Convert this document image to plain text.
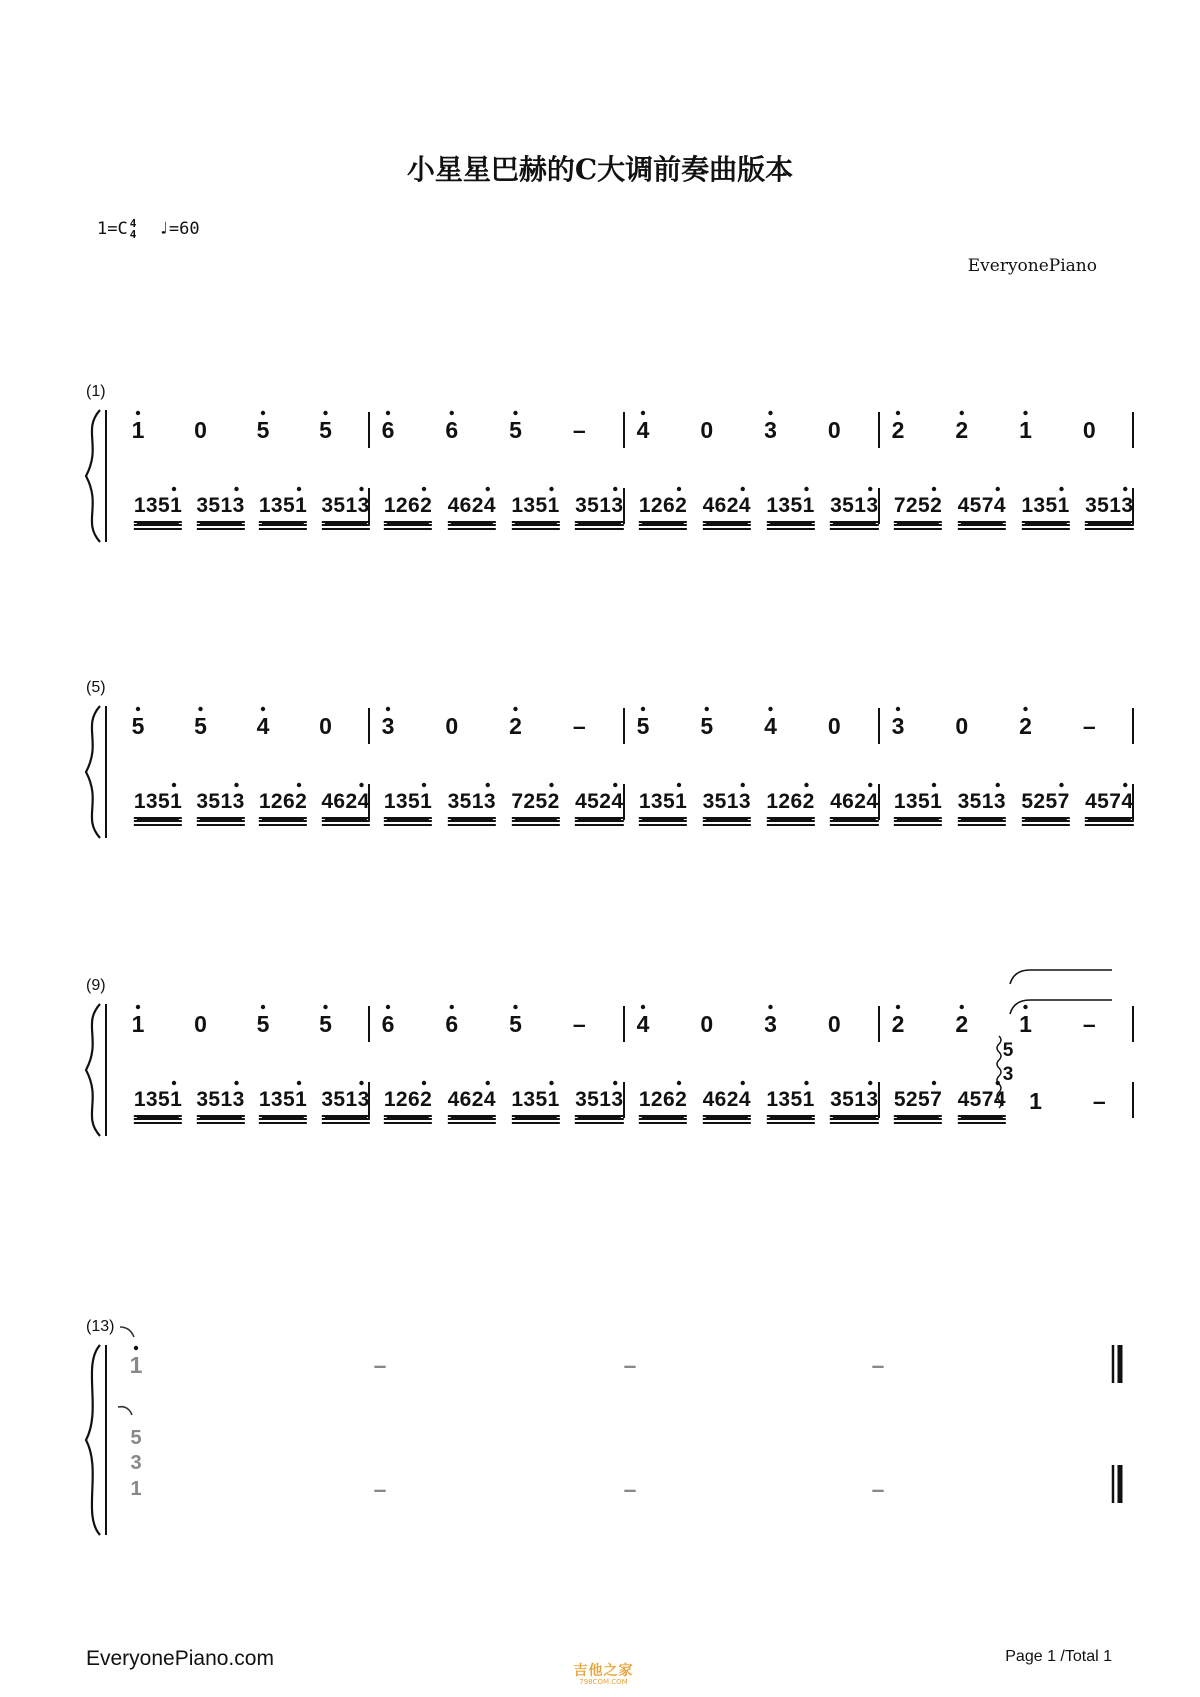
小星星巴赫的C大调前奏曲版本
1=C 4
4 ♩=60
EveryonePiano
(1)
1 0 5 5 6 6 5 – 4 0 3 0 2 2 1 0
1351 3513 1351 3513 1262 4624 1351 3513 1262 4624 1351 3513 7252 4574 1351 3513
(5)
5 5 4 0 3 0 2 – 5 5 4 0 3 0 2 –
1351 3513 1262 4624 1351 3513 7252 4524 1351 3513 1262 4624 1351 3513 5257 4574
(9)
1 0 5 5 6 6 5 – 4 0 3 0 2 2 1 –
1351 3513 1351 3513 1262 4624 1351 3513 1262 4624 1351 3513 5257 4574 1 –
5
3
(13)
1	–	–	–
5
3
1	–	–	–
EveryonePiano.com	Page 1 /Total 1
吉他之家
798COM.COM
